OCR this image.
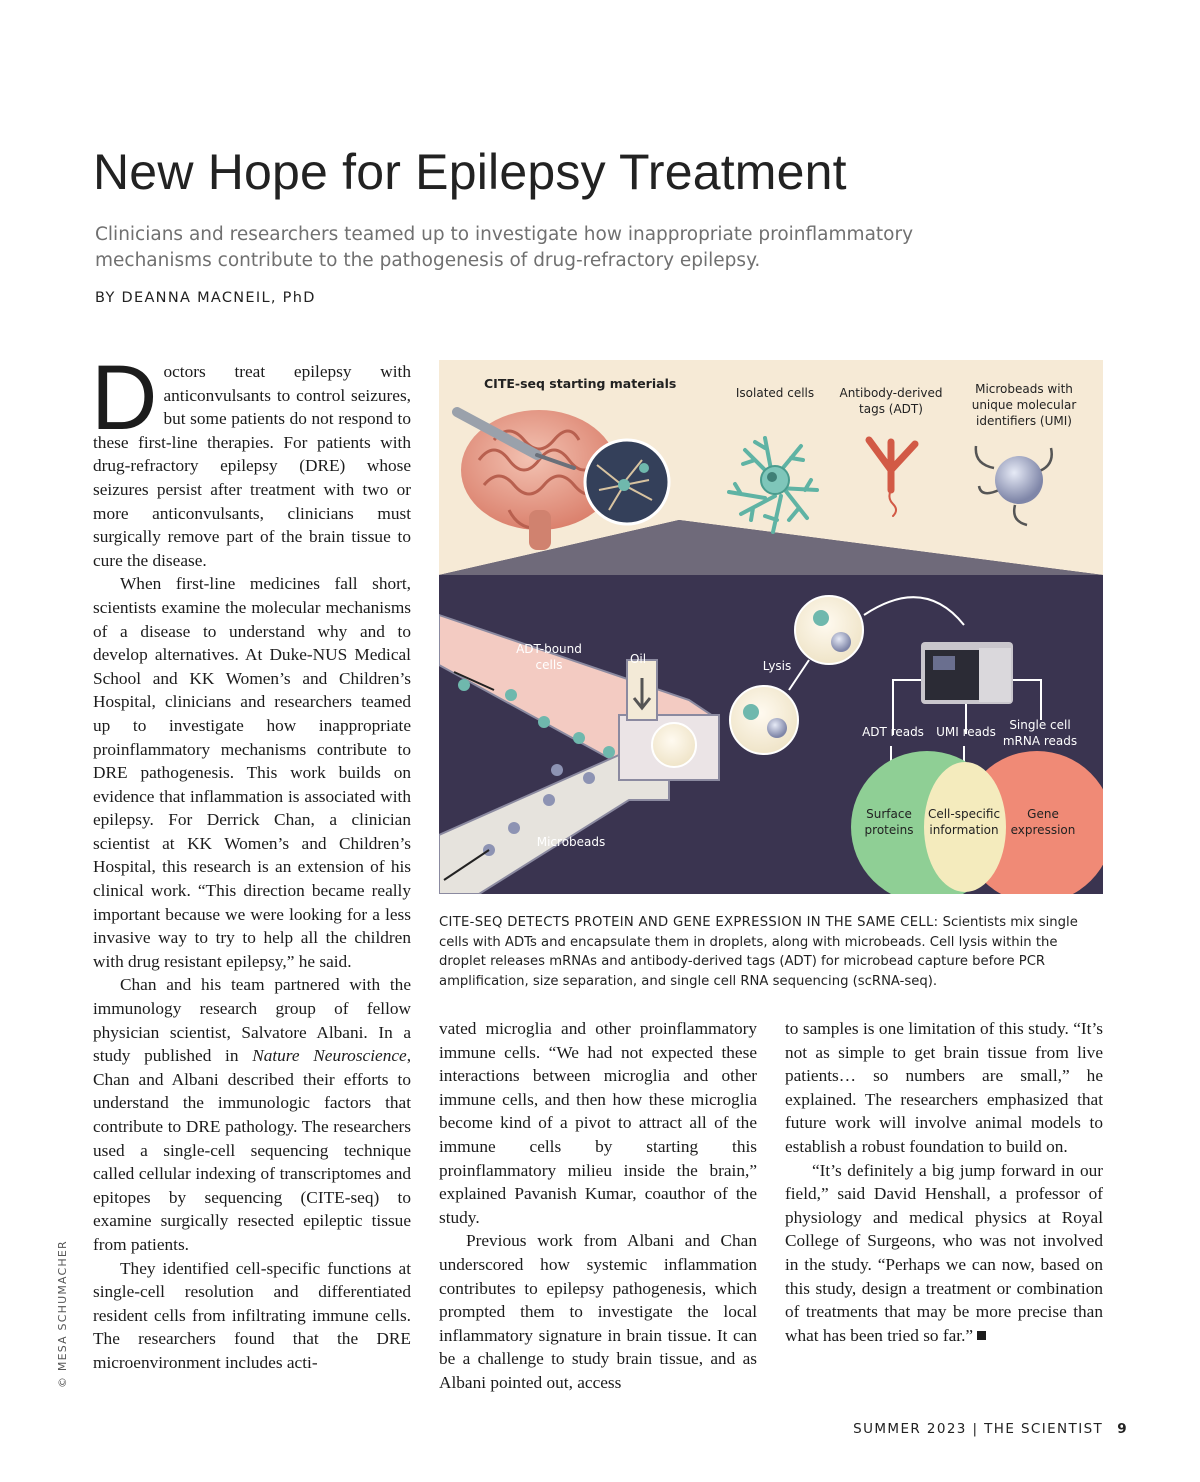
New Hope for Epilepsy Treatment
Clinicians and researchers teamed up to investigate how inappropriate proinflammatory
mechanisms contribute to the pathogenesis of drug-refractory epilepsy.
BY DEANNA MACNEIL, PhD

Doctors treat epilepsy with anticonvulsants to control seizures, but some patients do not respond to these first-line therapies. For patients with drug-refractory epilepsy (DRE) whose seizures persist after treatment with two or more anticonvulsants, clinicians must surgically remove part of the brain tissue to cure the disease.

When first-line medicines fall short, scientists examine the molecular mechanisms of a disease to understand why and to develop alternatives. At Duke-NUS Medical School and KK Women’s and Children’s Hospital, clinicians and researchers teamed up to investigate how inappropriate proinflammatory mechanisms contribute to DRE pathogenesis. This work builds on evidence that inflammation is associated with epilepsy. For Derrick Chan, a clinician scientist at KK Women’s and Children’s Hospital, this research is an extension of his clinical work. “This direction became really important because we were looking for a less invasive way to try to help all the children with drug resistant epilepsy,” he said.

Chan and his team partnered with the immunology research group of fellow physician scientist, Salvatore Albani. In a study published in Nature Neuroscience, Chan and Albani described their efforts to understand the immunologic factors that contribute to DRE pathology. The researchers used a single-cell sequencing technique called cellular indexing of transcriptomes and epitopes by sequencing (CITE-seq) to examine surgically resected epileptic tissue from patients.

They identified cell-specific functions at single-cell resolution and differentiated resident cells from infiltrating immune cells. The researchers found that the DRE microenvironment includes acti-

CITE-seq starting materials
Isolated cells Antibody-derived
tags (ADT)
Microbeads with
unique molecular
identifiers (UMI)
ADT-bound
cells	Oil	Lysis
Microbeads
ADT reads UMI reads Single cell
mRNA reads
Surface
proteins
Cell-specific
information
Gene
expression
CITE-SEQ DETECTS PROTEIN AND GENE EXPRESSION IN THE SAME CELL: Scientists mix single cells with ADTs and encapsulate them in droplets, along with microbeads. Cell lysis within the droplet releases mRNAs and antibody-derived tags (ADT) for microbead capture before PCR amplification, size separation, and single cell RNA sequencing (scRNA-seq).

vated microglia and other proinflammatory immune cells. “We had not expected these interactions between microglia and other immune cells, and then how these microglia become kind of a pivot to attract all of the immune cells by starting this proinflammatory milieu inside the brain,” explained Pavanish Kumar, coauthor of the study.

Previous work from Albani and Chan underscored how systemic inflammation contributes to epilepsy pathogenesis, which prompted them to investigate the local inflammatory signature in brain tissue. It can be a challenge to study brain tissue, and as Albani pointed out, access

to samples is one limitation of this study. “It’s not as simple to get brain tissue from live patients… so numbers are small,” he explained. The researchers emphasized that future work will involve animal models to establish a robust foundation to build on.

“It’s definitely a big jump forward in our field,” said David Henshall, a professor of physiology and medical physics at Royal College of Surgeons, who was not involved in the study. “Perhaps we can now, based on this study, design a treatment or combination of treatments that may be more precise than what has been tried so far.”

© MESA SCHUMACHER
SUMMER 2023 | THE SCIENTIST 9
